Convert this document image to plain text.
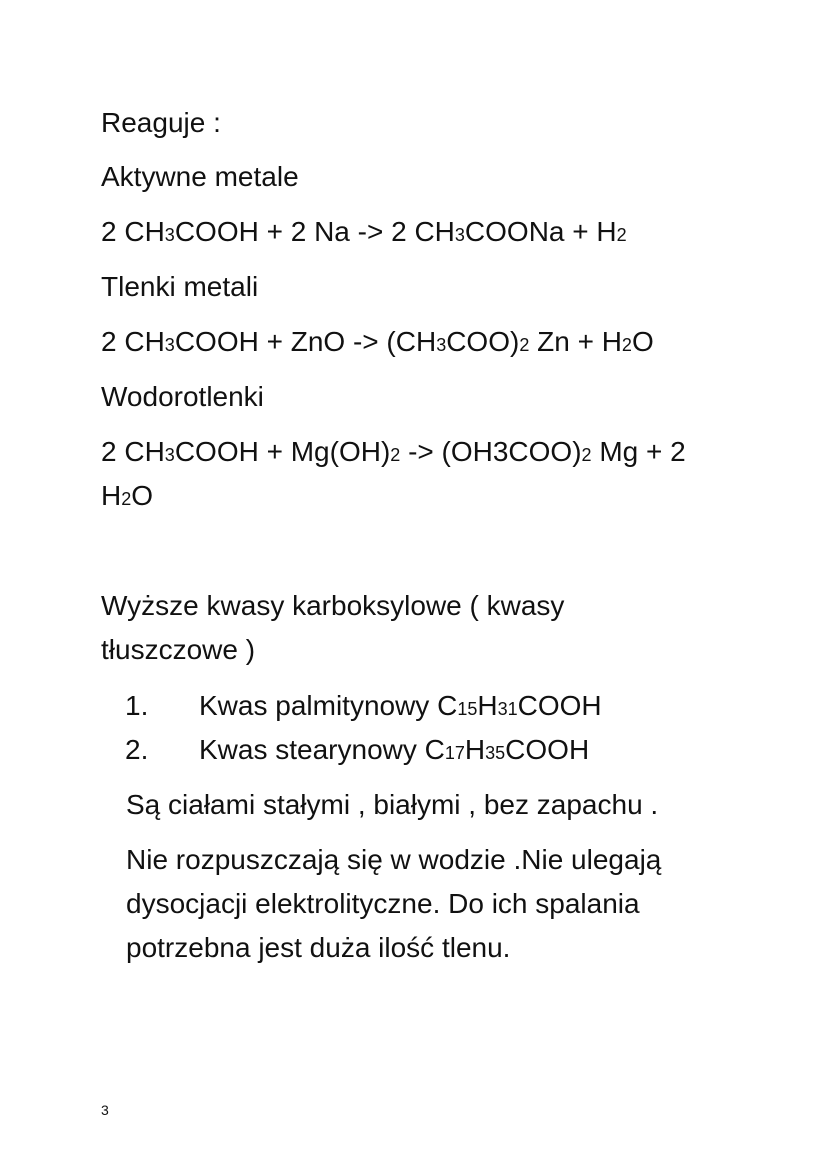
Reaguje :
Aktywne metale
2 CH3COOH + 2 Na -> 2 CH3COONa + H2
Tlenki metali
2 CH3COOH + ZnO -> (CH3COO)2 Zn + H2O
Wodorotlenki
2 CH3COOH + Mg(OH)2 -> (OH3COO)2 Mg + 2
H2O
Wyższe kwasy karboksylowe ( kwasy tłuszczowe )
1. Kwas palmitynowy C15H31COOH
2. Kwas stearynowy C17H35COOH
Są ciałami stałymi , białymi , bez zapachu .
Nie rozpuszczają się w wodzie .Nie ulegają dysocjacji elektrolityczne. Do ich spalania potrzebna jest duża ilość tlenu.
3
